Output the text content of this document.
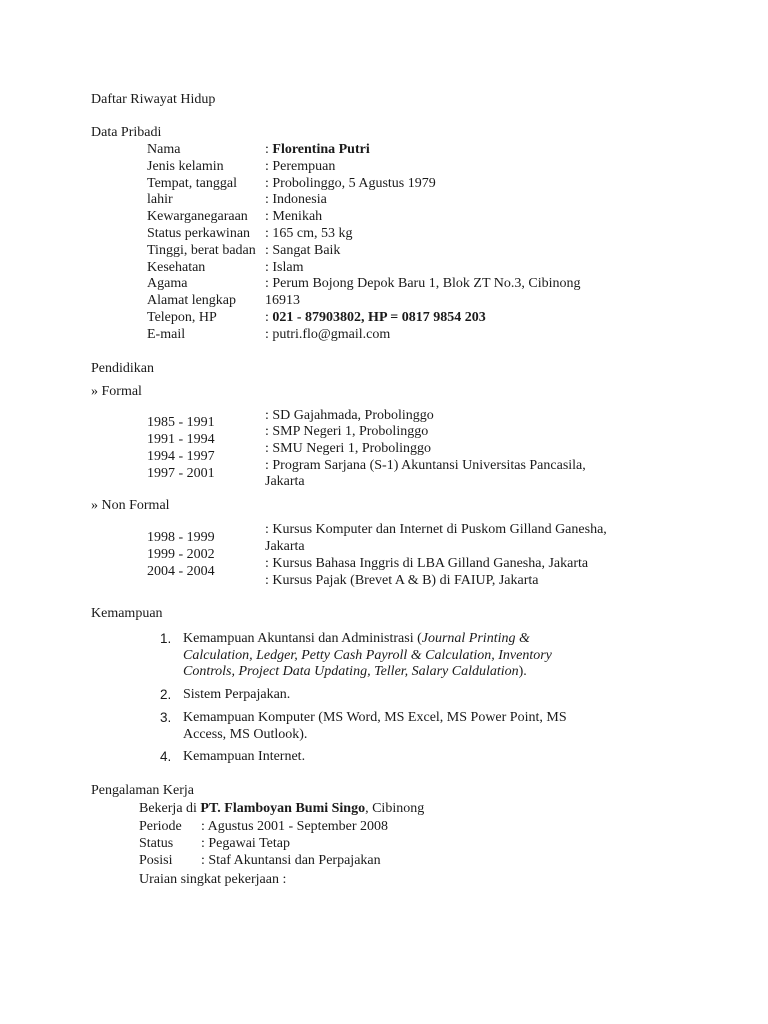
Daftar Riwayat Hidup
Data Pribadi
Nama
Jenis kelamin
Tempat, tanggal
lahir
Kewarganegaraan
Status perkawinan
Tinggi, berat badan
Kesehatan
Agama
Alamat lengkap
Telepon, HP
E-mail
: Florentina Putri
: Perempuan
: Probolinggo, 5 Agustus 1979
: Indonesia
: Menikah
: 165 cm, 53 kg
: Sangat Baik
: Islam
: Perum Bojong Depok Baru 1, Blok ZT No.3, Cibinong
16913
: 021 - 87903802, HP = 0817 9854 203
: putri.flo@gmail.com
Pendidikan
» Formal
1985 - 1991
1991 - 1994
1994 - 1997
1997 - 2001
: SD Gajahmada, Probolinggo
: SMP Negeri 1, Probolinggo
: SMU Negeri 1, Probolinggo
: Program Sarjana (S-1) Akuntansi Universitas Pancasila,
Jakarta
» Non Formal
1998 - 1999
1999 - 2002
2004 - 2004
: Kursus Komputer dan Internet di Puskom Gilland Ganesha,
Jakarta
: Kursus Bahasa Inggris di LBA Gilland Ganesha, Jakarta
: Kursus Pajak (Brevet A & B) di FAIUP, Jakarta
Kemampuan
1. Kemampuan Akuntansi dan Administrasi (Journal Printing &
Calculation, Ledger, Petty Cash Payroll & Calculation, Inventory
Controls, Project Data Updating, Teller, Salary Caldulation).
2. Sistem Perpajakan.
3. Kemampuan Komputer (MS Word, MS Excel, MS Power Point, MS
Access, MS Outlook).
4. Kemampuan Internet.
Pengalaman Kerja
Bekerja di PT. Flamboyan Bumi Singo, Cibinong
Periode
Status
Posisi
: Agustus 2001 - September 2008
: Pegawai Tetap
: Staf Akuntansi dan Perpajakan
Uraian singkat pekerjaan :
